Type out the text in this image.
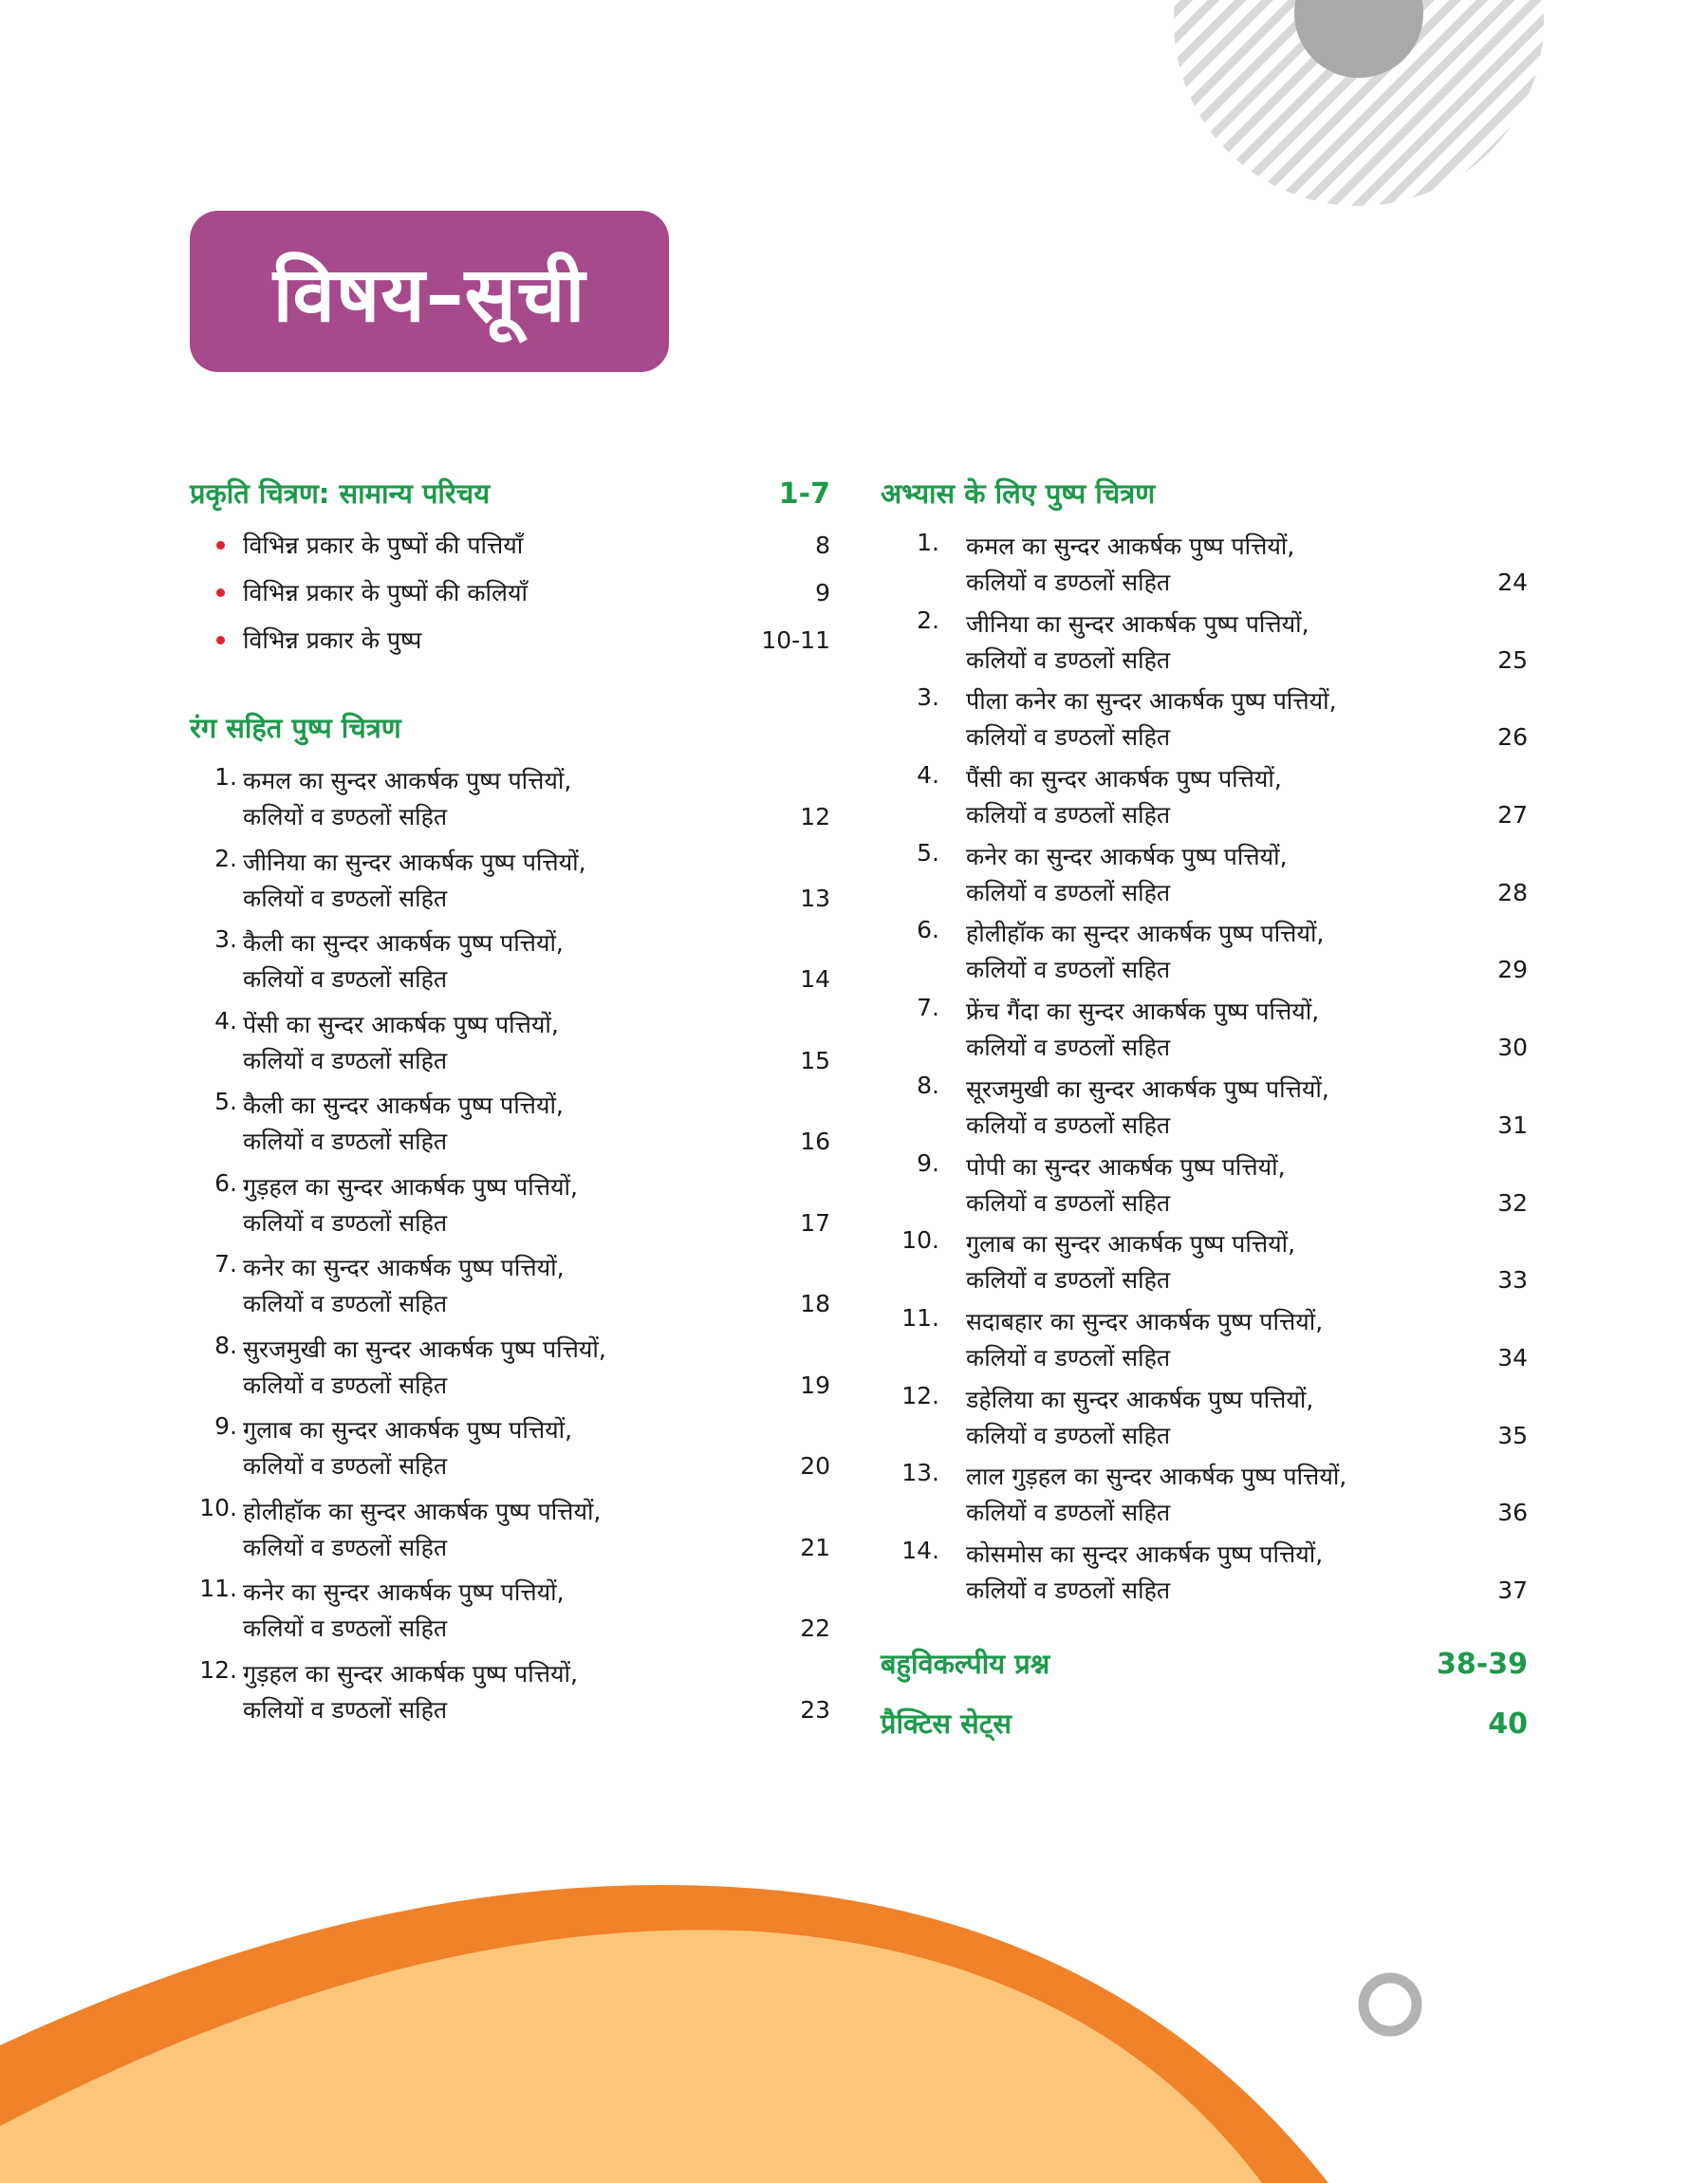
विषय–सूची
प्रकृति चित्रण: सामान्य परिचय	1-7
विभिन्न प्रकार के पुष्पों की पत्तियाँ	8
विभिन्न प्रकार के पुष्पों की कलियाँ	9
विभिन्न प्रकार के पुष्प	10-11
रंग सहित पुष्प चित्रण
1. कमल का सुन्दर आकर्षक पुष्प पत्तियों,
कलियों व डण्ठलों सहित	12
2. जीनिया का सुन्दर आकर्षक पुष्प पत्तियों,
कलियों व डण्ठलों सहित	13
3. कैली का सुन्दर आकर्षक पुष्प पत्तियों,
कलियों व डण्ठलों सहित	14
4. पेंसी का सुन्दर आकर्षक पुष्प पत्तियों,
कलियों व डण्ठलों सहित	15
5. कैली का सुन्दर आकर्षक पुष्प पत्तियों,
कलियों व डण्ठलों सहित	16
6. गुड़हल का सुन्दर आकर्षक पुष्प पत्तियों,
कलियों व डण्ठलों सहित	17
7. कनेर का सुन्दर आकर्षक पुष्प पत्तियों,
कलियों व डण्ठलों सहित	18
8. सुरजमुखी का सुन्दर आकर्षक पुष्प पत्तियों,
कलियों व डण्ठलों सहित	19
9. गुलाब का सुन्दर आकर्षक पुष्प पत्तियों,
कलियों व डण्ठलों सहित	20
10. होलीहॉक का सुन्दर आकर्षक पुष्प पत्तियों,
कलियों व डण्ठलों सहित	21
11. कनेर का सुन्दर आकर्षक पुष्प पत्तियों,
कलियों व डण्ठलों सहित	22
12. गुड़हल का सुन्दर आकर्षक पुष्प पत्तियों,
कलियों व डण्ठलों सहित	23
अभ्यास के लिए पुष्प चित्रण
1.	कमल का सुन्दर आकर्षक पुष्प पत्तियों,
कलियों व डण्ठलों सहित	24
2.	जीनिया का सुन्दर आकर्षक पुष्प पत्तियों,
कलियों व डण्ठलों सहित	25
3.	पीला कनेर का सुन्दर आकर्षक पुष्प पत्तियों,
कलियों व डण्ठलों सहित	26
4.	पैंसी का सुन्दर आकर्षक पुष्प पत्तियों,
कलियों व डण्ठलों सहित	27
5.	कनेर का सुन्दर आकर्षक पुष्प पत्तियों,
कलियों व डण्ठलों सहित	28
6.	होलीहॉक का सुन्दर आकर्षक पुष्प पत्तियों,
कलियों व डण्ठलों सहित	29
7.	फ्रेंच गैंदा का सुन्दर आकर्षक पुष्प पत्तियों,
कलियों व डण्ठलों सहित	30
8.	सूरजमुखी का सुन्दर आकर्षक पुष्प पत्तियों,
कलियों व डण्ठलों सहित	31
9.	पोपी का सुन्दर आकर्षक पुष्प पत्तियों,
कलियों व डण्ठलों सहित	32
10.	गुलाब का सुन्दर आकर्षक पुष्प पत्तियों,
कलियों व डण्ठलों सहित	33
11.	सदाबहार का सुन्दर आकर्षक पुष्प पत्तियों,
कलियों व डण्ठलों सहित	34
12.	डहेलिया का सुन्दर आकर्षक पुष्प पत्तियों,
कलियों व डण्ठलों सहित	35
13.	लाल गुड़हल का सुन्दर आकर्षक पुष्प पत्तियों,
कलियों व डण्ठलों सहित	36
14.	कोसमोस का सुन्दर आकर्षक पुष्प पत्तियों,
कलियों व डण्ठलों सहित	37
बहुविकल्पीय प्रश्न	38-39
प्रैक्टिस सेट्स	40
